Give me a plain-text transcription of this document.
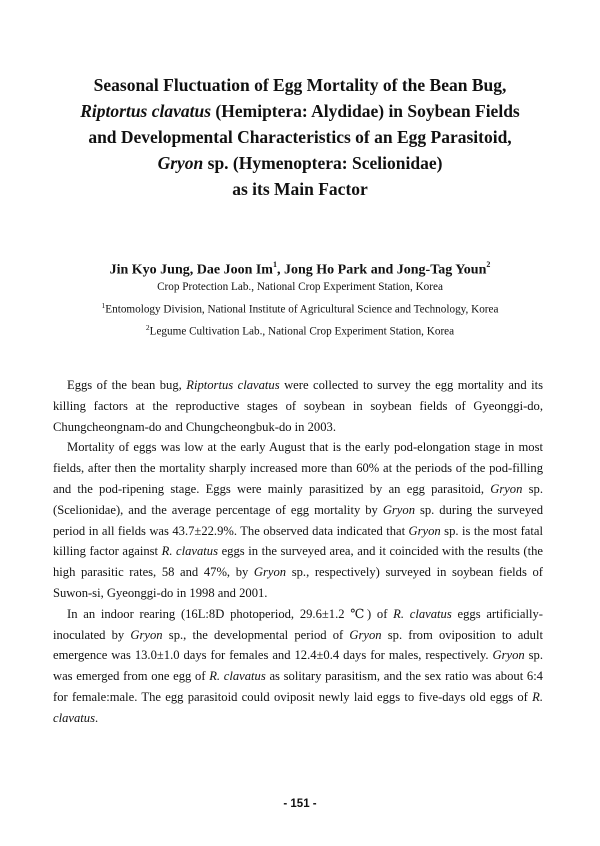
Seasonal Fluctuation of Egg Mortality of the Bean Bug,
Riptortus clavatus (Hemiptera: Alydidae) in Soybean Fields
and Developmental Characteristics of an Egg Parasitoid,
Gryon sp. (Hymenoptera: Scelionidae)
as its Main Factor
Jin Kyo Jung, Dae Joon Im$^1$, Jong Ho Park and Jong-Tag Youn$^2$
Crop Protection Lab., National Crop Experiment Station, Korea
$^1$Entomology Division, National Institute of Agricultural Science and Technology, Korea
$^2$Legume Cultivation Lab., National Crop Experiment Station, Korea

Eggs of the bean bug, Riptortus clavatus were collected to survey the egg mortality and its killing factors at the reproductive stages of soybean in soybean fields of Gyeonggi-do, Chungcheongnam-do and Chungcheongbuk-do in 2003.

Mortality of eggs was low at the early August that is the early pod-elongation stage in most fields, after then the mortality sharply increased more than 60% at the periods of the pod-filling and the pod-ripening stage. Eggs were mainly parasitized by an egg parasitoid, Gryon sp. (Scelionidae), and the average percentage of egg mortality by Gryon sp. during the surveyed period in all fields was 43.7±22.9%. The observed data indicated that Gryon sp. is the most fatal killing factor against R. clavatus eggs in the surveyed area, and it coincided with the results (the high parasitic rates, 58 and 47%, by Gryon sp., respectively) surveyed in soybean fields of Suwon-si, Gyeonggi-do in 1998 and 2001.

In an indoor rearing (16L:8D photoperiod, 29.6±1.2 ℃) of R. clavatus eggs artificially-inoculated by Gryon sp., the developmental period of Gryon sp. from oviposition to adult emergence was 13.0±1.0 days for females and 12.4±0.4 days for males, respectively. Gryon sp. was emerged from one egg of R. clavatus as solitary parasitism, and the sex ratio was about 6:4 for female:male. The egg parasitoid could oviposit newly laid eggs to five-days old eggs of R. clavatus.

- 151 -
